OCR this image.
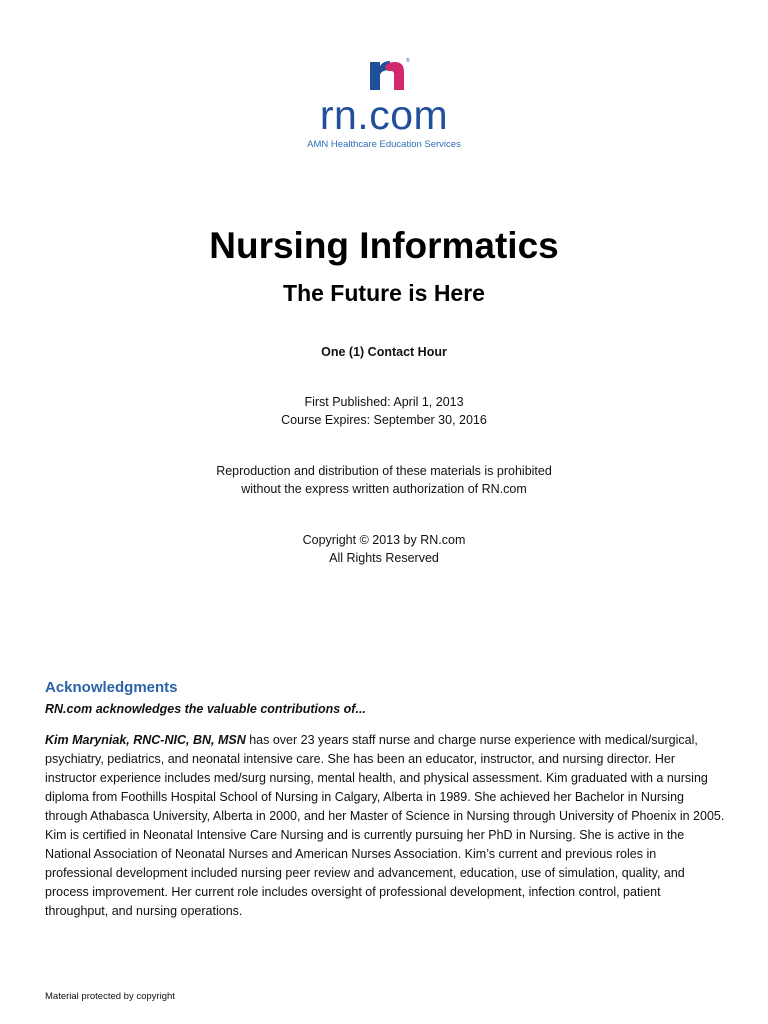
®
rn.com
AMN Healthcare Education Services
Nursing Informatics
The Future is Here
One (1) Contact Hour
First Published: April 1, 2013
Course Expires: September 30, 2016
Reproduction and distribution of these materials is prohibited
without the express written authorization of RN.com
Copyright © 2013 by RN.com
All Rights Reserved
Acknowledgments
RN.com acknowledges the valuable contributions of...
Kim Maryniak, RNC-NIC, BN, MSN has over 23 years staff nurse and charge nurse experience with medical/surgical, psychiatry, pediatrics, and neonatal intensive care. She has been an educator, instructor, and nursing director. Her instructor experience includes med/surg nursing, mental health, and physical assessment. Kim graduated with a nursing diploma from Foothills Hospital School of Nursing in Calgary, Alberta in 1989. She achieved her Bachelor in Nursing through Athabasca University, Alberta in 2000, and her Master of Science in Nursing through University of Phoenix in 2005. Kim is certified in Neonatal Intensive Care Nursing and is currently pursuing her PhD in Nursing. She is active in the National Association of Neonatal Nurses and American Nurses Association. Kim’s current and previous roles in professional development included nursing peer review and advancement, education, use of simulation, quality, and process improvement. Her current role includes oversight of professional development, infection control, patient throughput, and nursing operations.
Material protected by copyright
